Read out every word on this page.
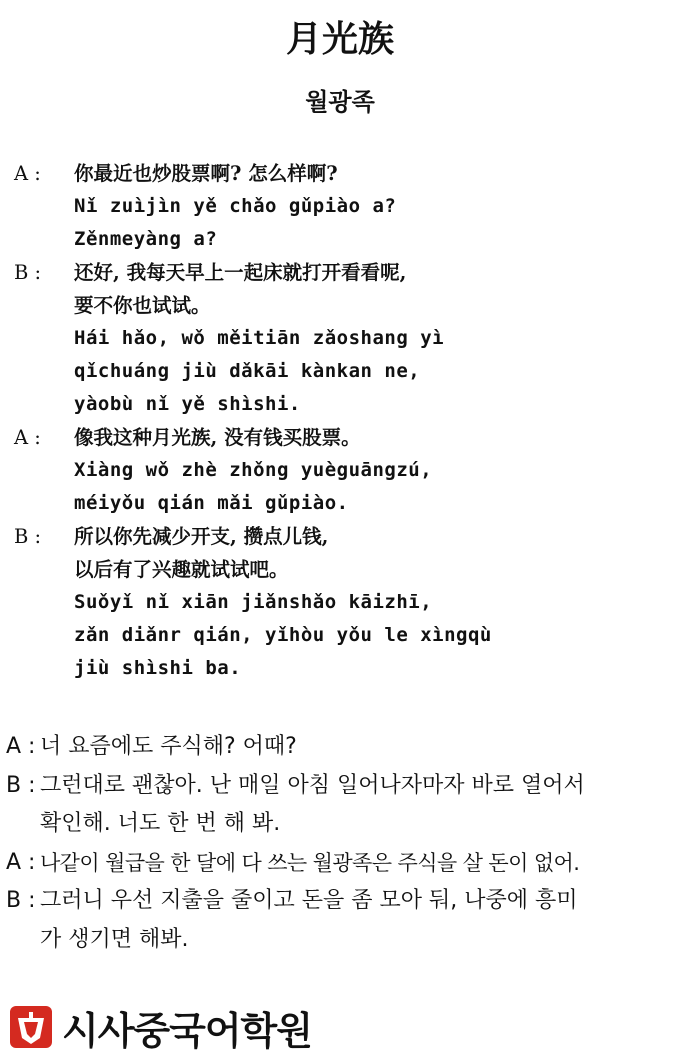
月光族
월광족
A :	你最近也炒股票啊? 怎么样啊?
Nǐ zuìjìn yě chǎo gǔpiào a?
Zěnmeyàng a?
B :	还好, 我每天早上一起床就打开看看呢,
要不你也试试。
Hái hǎo, wǒ měitiān zǎoshang yì
qǐchuáng jiù dǎkāi kànkan ne,
yàobù nǐ yě shìshi.
A :	像我这种月光族, 没有钱买股票。
Xiàng wǒ zhè zhǒng yuèguāngzú,
méiyǒu qián mǎi gǔpiào.
B :	所以你先减少开支, 攒点儿钱,
以后有了兴趣就试试吧。
Suǒyǐ nǐ xiān jiǎnshǎo kāizhī,
zǎn diǎnr qián, yǐhòu yǒu le xìngqù
jiù shìshi ba.
A : 너 요즘에도 주식해? 어때?
B : 그런대로 괜찮아. 난 매일 아침 일어나자마자 바로 열어서
확인해. 너도 한 번 해 봐.
A : 나같이 월급을 한 달에 다 쓰는 월광족은 주식을 살 돈이 없어.
B : 그러니 우선 지출을 줄이고 돈을 좀 모아 둬, 나중에 흥미
가 생기면 해봐.
시사중국어학원
